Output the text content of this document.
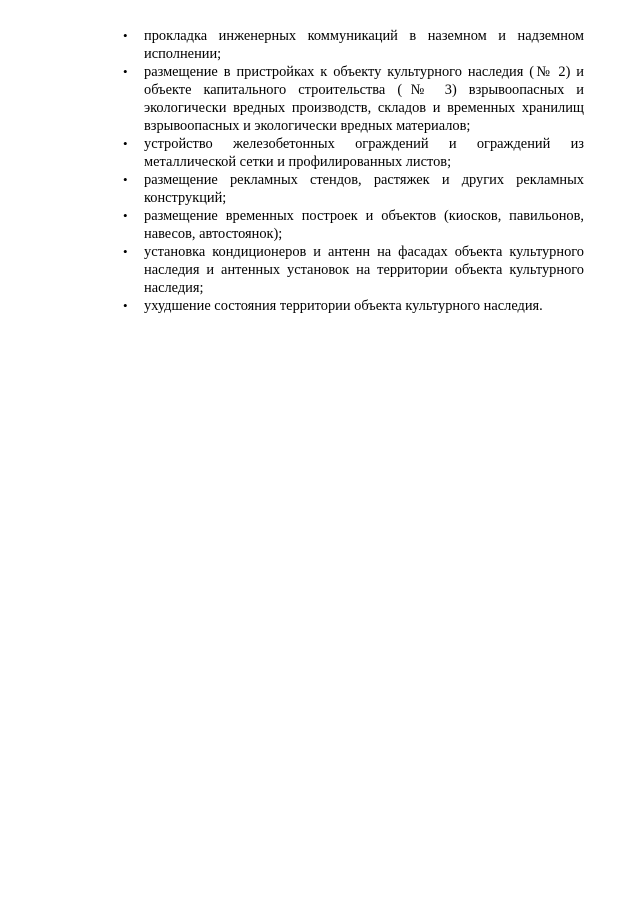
•	прокладка инженерных коммуникаций в наземном и надземном исполнении;
•	размещение в пристройках к объекту культурного наследия (№ 2) и объекте капитального строительства (№ 3) взрывоопасных и экологически вредных производств, складов и временных хранилищ взрывоопасных и экологически вредных материалов;
•	устройство железобетонных ограждений и ограждений из металлической сетки и профилированных листов;
•	размещение рекламных стендов, растяжек и других рекламных конструкций;
•	размещение временных построек и объектов (киосков, павильонов, навесов, автостоянок);
•	установка кондиционеров и антенн на фасадах объекта культурного наследия и антенных установок на территории объекта культурного наследия;
•	ухудшение состояния территории объекта культурного наследия.
